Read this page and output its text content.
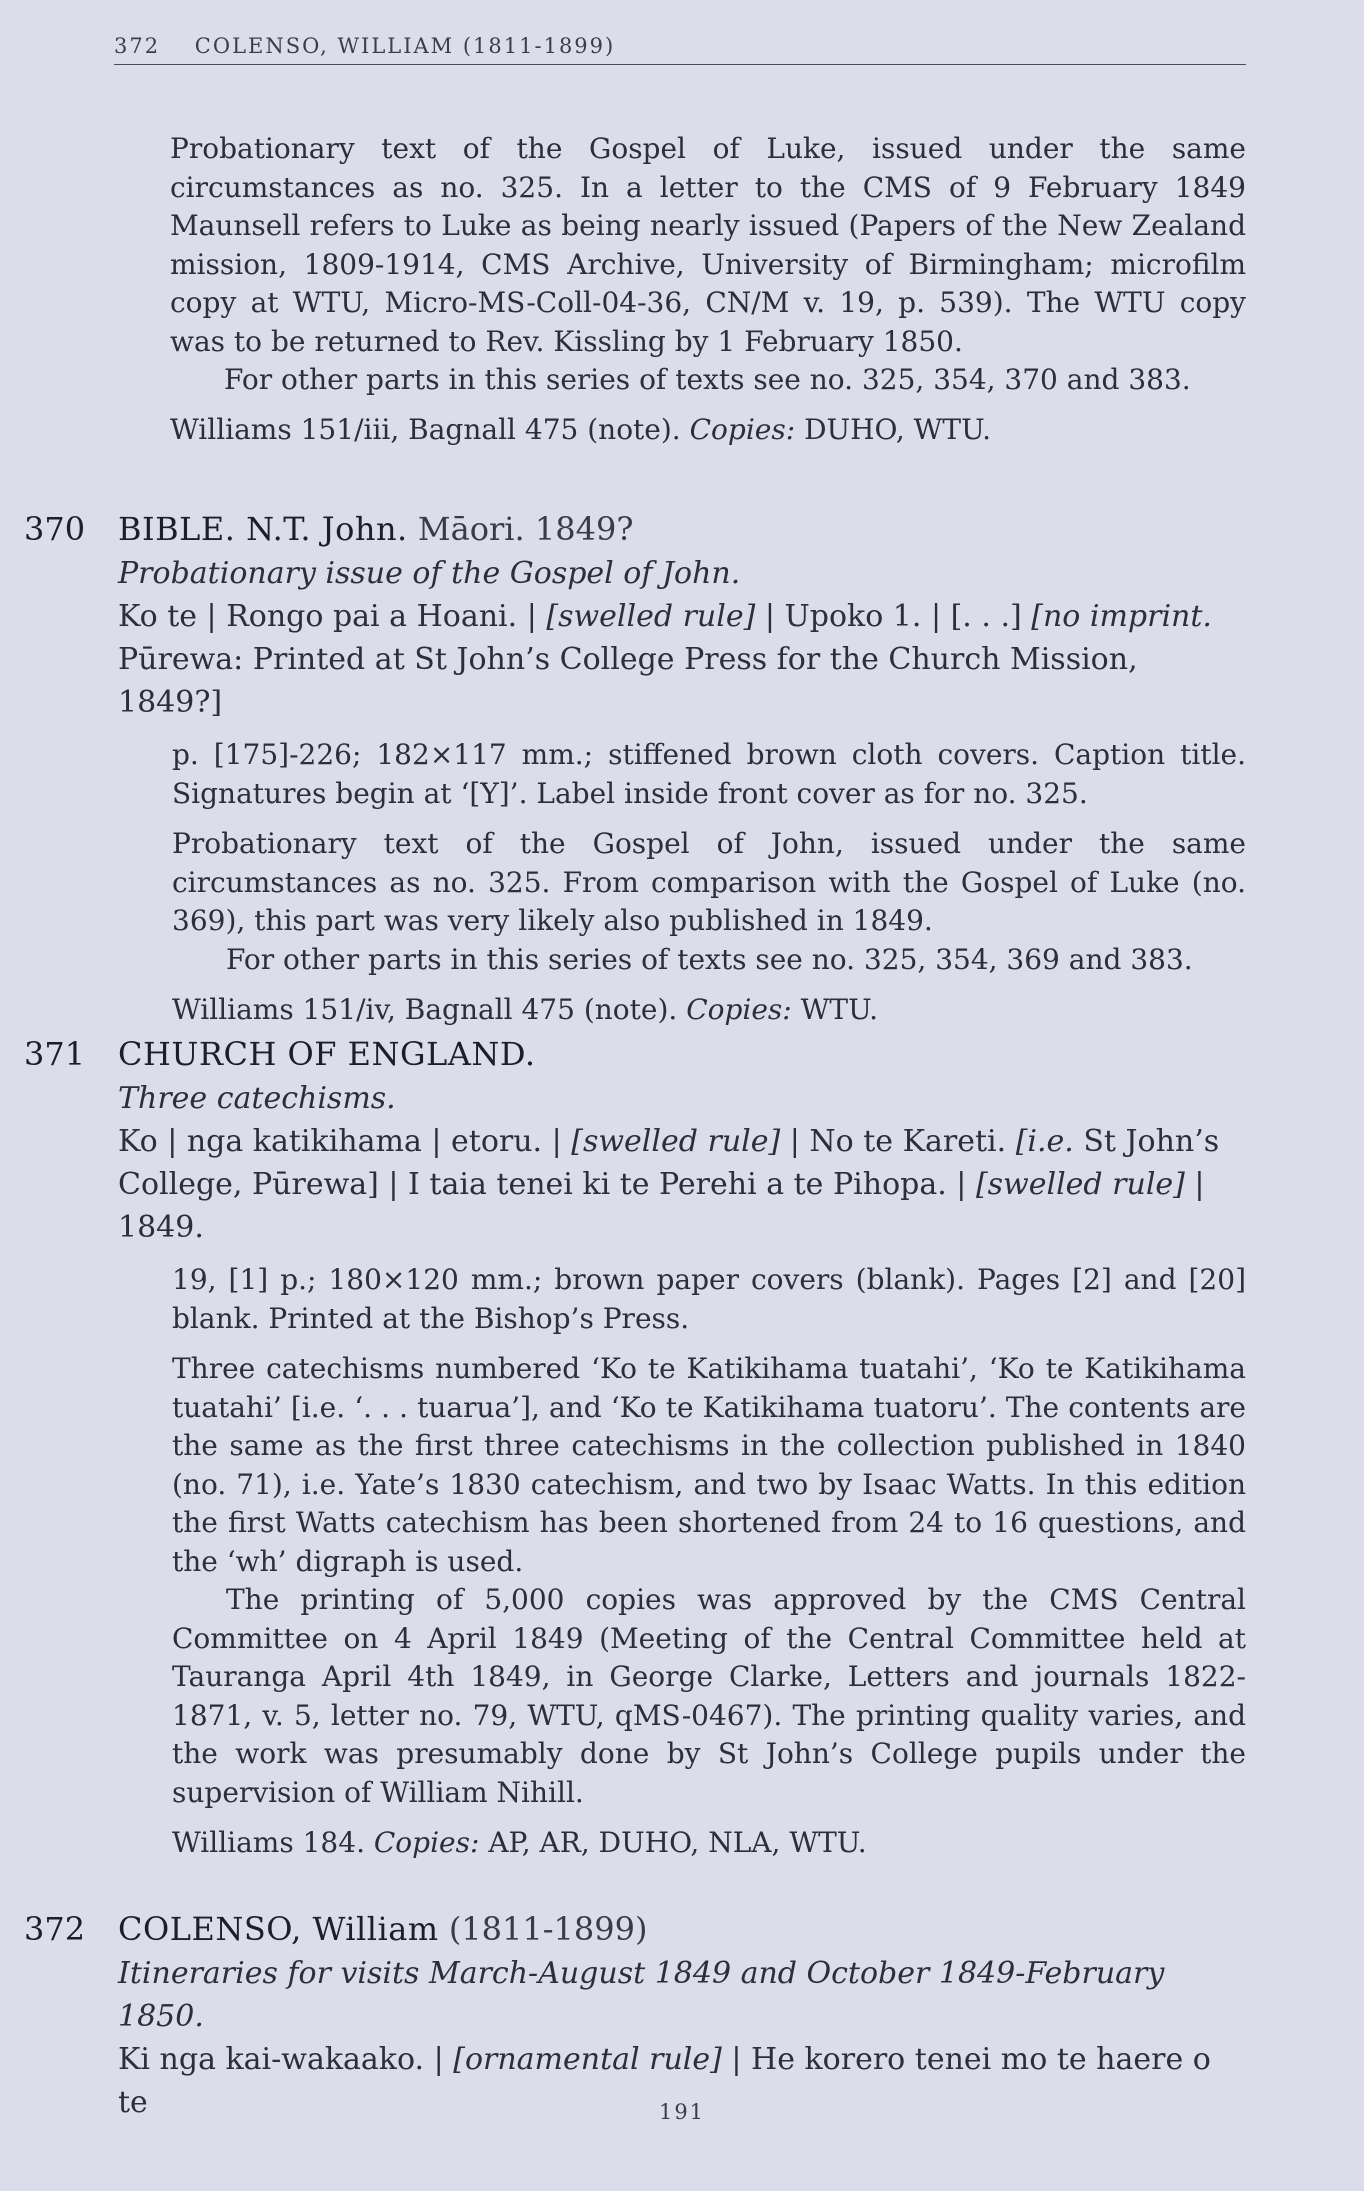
372 COLENSO, WILLIAM (1811-1899)

Probationary text of the Gospel of Luke, issued under the same circumstances as no. 325. In a letter to the CMS of 9 February 1849 Maunsell refers to Luke as being nearly issued (Papers of the New Zealand mission, 1809-1914, CMS Archive, University of Birmingham; microfilm copy at WTU, Micro-MS-Coll-04-36, CN/M v. 19, p. 539). The WTU copy was to be returned to Rev. Kissling by 1 February 1850.

For other parts in this series of texts see no. 325, 354, 370 and 383.

Williams 151/iii, Bagnall 475 (note). Copies: DUHO, WTU.

370	BIBLE. N.T. John. Māori. 1849?
Probationary issue of the Gospel of John.
Ko te | Rongo pai a Hoani. | [swelled rule] | Upoko 1. | [. . .] [no imprint. Pūrewa: Printed at St John’s College Press for the Church Mission, 1849?]

p. [175]-226; 182×117 mm.; stiffened brown cloth covers. Caption title. Signatures begin at ‘[Y]’. Label inside front cover as for no. 325.

Probationary text of the Gospel of John, issued under the same circumstances as no. 325. From comparison with the Gospel of Luke (no. 369), this part was very likely also published in 1849.

For other parts in this series of texts see no. 325, 354, 369 and 383.

Williams 151/iv, Bagnall 475 (note). Copies: WTU.

371	CHURCH OF ENGLAND.
Three catechisms.
Ko | nga katikihama | etoru. | [swelled rule] | No te Kareti. [i.e. St John’s College, Pūrewa] | I taia tenei ki te Perehi a te Pihopa. | [swelled rule] | 1849.

19, [1] p.; 180×120 mm.; brown paper covers (blank). Pages [2] and [20] blank. Printed at the Bishop’s Press.

Three catechisms numbered ‘Ko te Katikihama tuatahi’, ‘Ko te Katikihama tuatahi’ [i.e. ‘. . . tuarua’], and ‘Ko te Katikihama tuatoru’. The contents are the same as the first three catechisms in the collection published in 1840 (no. 71), i.e. Yate’s 1830 catechism, and two by Isaac Watts. In this edition the first Watts catechism has been shortened from 24 to 16 questions, and the ‘wh’ digraph is used.

The printing of 5,000 copies was approved by the CMS Central Committee on 4 April 1849 (Meeting of the Central Committee held at Tauranga April 4th 1849, in George Clarke, Letters and journals 1822-1871, v. 5, letter no. 79, WTU, qMS-0467). The printing quality varies, and the work was presumably done by St John’s College pupils under the supervision of William Nihill.

Williams 184. Copies: AP, AR, DUHO, NLA, WTU.

372	COLENSO, William (1811-1899)
Itineraries for visits March-August 1849 and October 1849-February 1850.
Ki nga kai-wakaako. | [ornamental rule] | He korero tenei mo te haere o te	191
